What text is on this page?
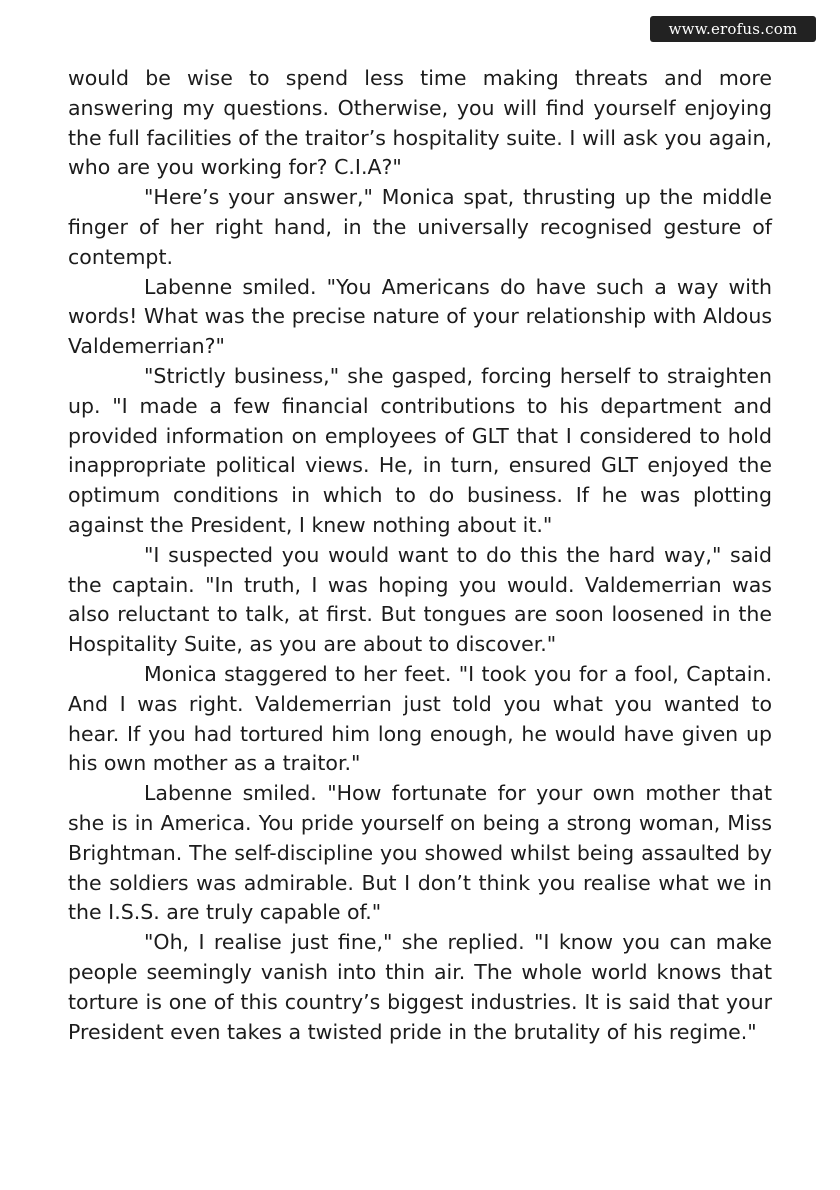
www.erofus.com

would be wise to spend less time making threats and more answering my questions. Otherwise, you will find yourself enjoying the full facilities of the traitor’s hospitality suite. I will ask you again, who are you working for? C.I.A?"

"Here’s your answer," Monica spat, thrusting up the middle finger of her right hand, in the universally recognised gesture of contempt.

Labenne smiled. "You Americans do have such a way with words! What was the precise nature of your relationship with Aldous Valdemerrian?"

"Strictly business," she gasped, forcing herself to straighten up. "I made a few financial contributions to his department and provided information on employees of GLT that I considered to hold inappropriate political views. He, in turn, ensured GLT enjoyed the optimum conditions in which to do business. If he was plotting against the President, I knew nothing about it."

"I suspected you would want to do this the hard way," said the captain. "In truth, I was hoping you would. Valdemerrian was also reluctant to talk, at first. But tongues are soon loosened in the Hospitality Suite, as you are about to discover."

Monica staggered to her feet. "I took you for a fool, Captain. And I was right. Valdemerrian just told you what you wanted to hear. If you had tortured him long enough, he would have given up his own mother as a traitor."

Labenne smiled. "How fortunate for your own mother that she is in America. You pride yourself on being a strong woman, Miss Brightman. The self-discipline you showed whilst being assaulted by the soldiers was admirable. But I don’t think you realise what we in the I.S.S. are truly capable of."

"Oh, I realise just fine," she replied. "I know you can make people seemingly vanish into thin air. The whole world knows that torture is one of this country’s biggest industries. It is said that your President even takes a twisted pride in the brutality of his regime."
